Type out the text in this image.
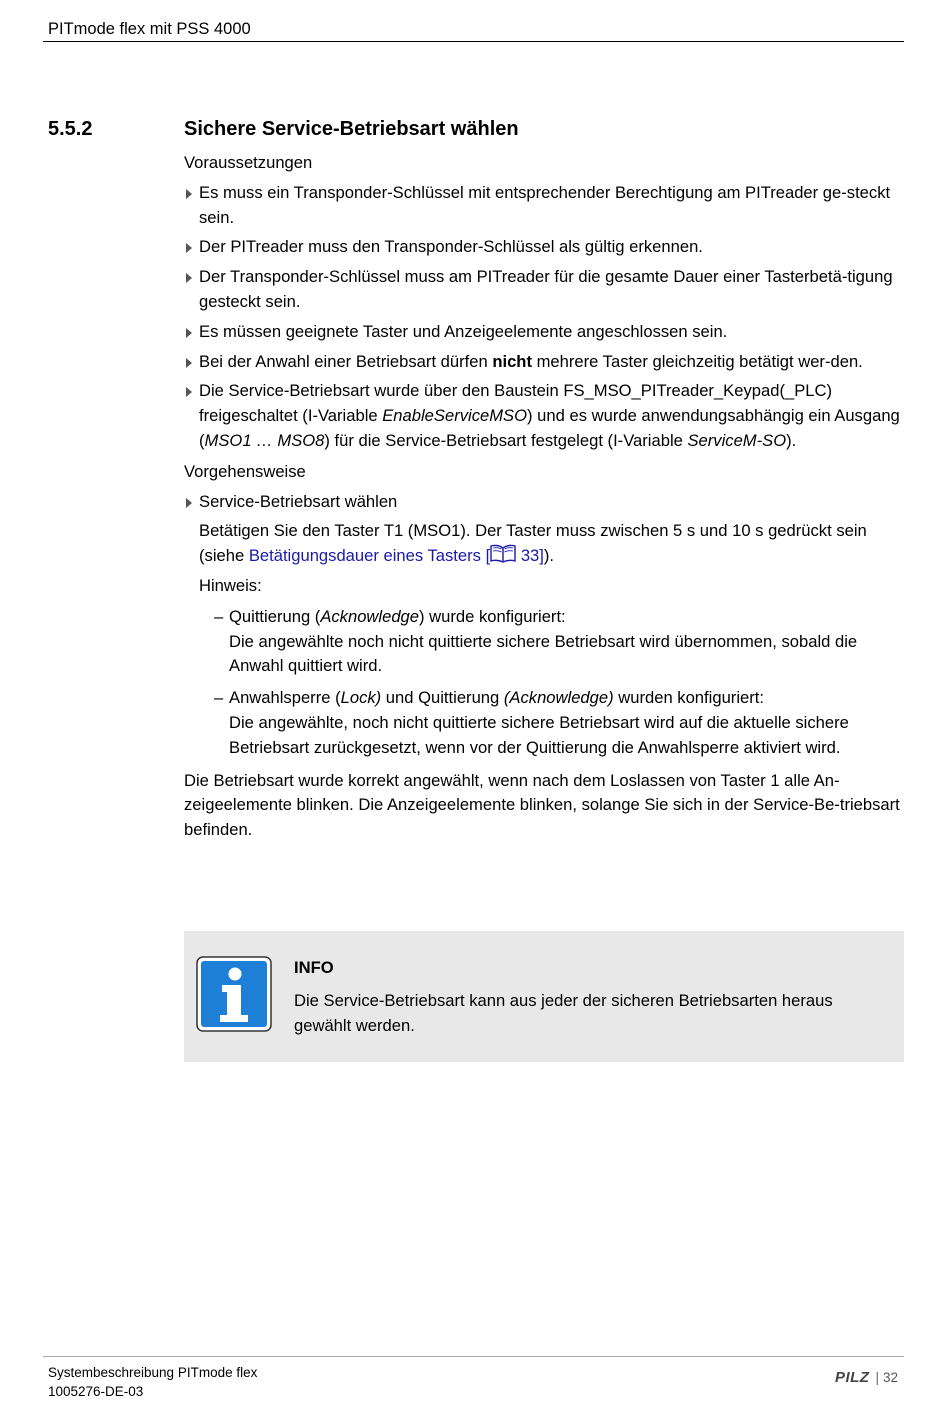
PITmode flex mit PSS 4000
5.5.2	Sichere Service-Betriebsart wählen

Voraussetzungen

Es muss ein Transponder-Schlüssel mit entsprechender Berechtigung am PITreader ge-steckt sein.
Der PITreader muss den Transponder-Schlüssel als gültig erkennen.
Der Transponder-Schlüssel muss am PITreader für die gesamte Dauer einer Tasterbetä-tigung gesteckt sein.
Es müssen geeignete Taster und Anzeigeelemente angeschlossen sein.
Bei der Anwahl einer Betriebsart dürfen nicht mehrere Taster gleichzeitig betätigt wer-den.
Die Service-Betriebsart wurde über den Baustein FS_MSO_PITreader_Keypad(_PLC) freigeschaltet (I-Variable EnableServiceMSO) und es wurde anwendungsabhängig ein Ausgang (MSO1 … MSO8) für die Service-Betriebsart festgelegt (I-Variable ServiceM-SO).

Vorgehensweise

Service-Betriebsart wählen

Betätigen Sie den Taster T1 (MSO1). Der Taster muss zwischen 5 s und 10 s gedrückt sein (siehe Betätigungsdauer eines Tasters [ 33]).

Hinweis:

– Quittierung (Acknowledge) wurde konfiguriert:
Die angewählte noch nicht quittierte sichere Betriebsart wird übernommen, sobald die Anwahl quittiert wird.
– Anwahlsperre (Lock) und Quittierung (Acknowledge) wurden konfiguriert:
Die angewählte, noch nicht quittierte sichere Betriebsart wird auf die aktuelle sichere Betriebsart zurückgesetzt, wenn vor der Quittierung die Anwahlsperre aktiviert wird.

Die Betriebsart wurde korrekt angewählt, wenn nach dem Loslassen von Taster 1 alle An-zeigeelemente blinken. Die Anzeigeelemente blinken, solange Sie sich in der Service-Be-triebsart befinden.

INFO
Die Service-Betriebsart kann aus jeder der sicheren Betriebsarten heraus gewählt werden.
Systembeschreibung PITmode flex
1005276-DE-03
PILZ | 32
